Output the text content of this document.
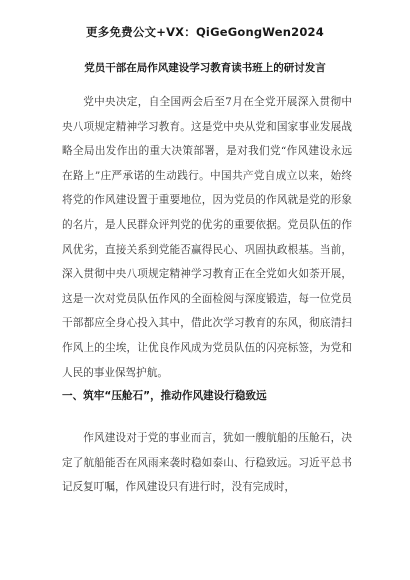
更多免费公文+VX：QiGeGongWen2024
党员干部在局作风建设学习教育读书班上的研讨发言

党中央决定，自全国两会后至7月在全党开展深入贯彻中央八项规定精神学习教育。这是党中央从党和国家事业发展战略全局出发作出的重大决策部署，是对我们党“作风建设永远在路上”庄严承诺的生动践行。中国共产党自成立以来，始终将党的作风建设置于重要地位，因为党员的作风就是党的形象的名片，是人民群众评判党的优劣的重要依据。党员队伍的作风优劣，直接关系到党能否赢得民心、巩固执政根基。当前，深入贯彻中央八项规定精神学习教育正在全党如火如荼开展，这是一次对党员队伍作风的全面检阅与深度锻造，每一位党员干部都应全身心投入其中，借此次学习教育的东风，彻底清扫作风上的尘埃，让优良作风成为党员队伍的闪亮标签，为党和人民的事业保驾护航。

一、筑牢“压舱石”，推动作风建设行稳致远

作风建设对于党的事业而言，犹如一艘航船的压舱石，决定了航船能否在风雨来袭时稳如泰山、行稳致远。习近平总书记反复叮嘱，作风建设只有进行时，没有完成时，
